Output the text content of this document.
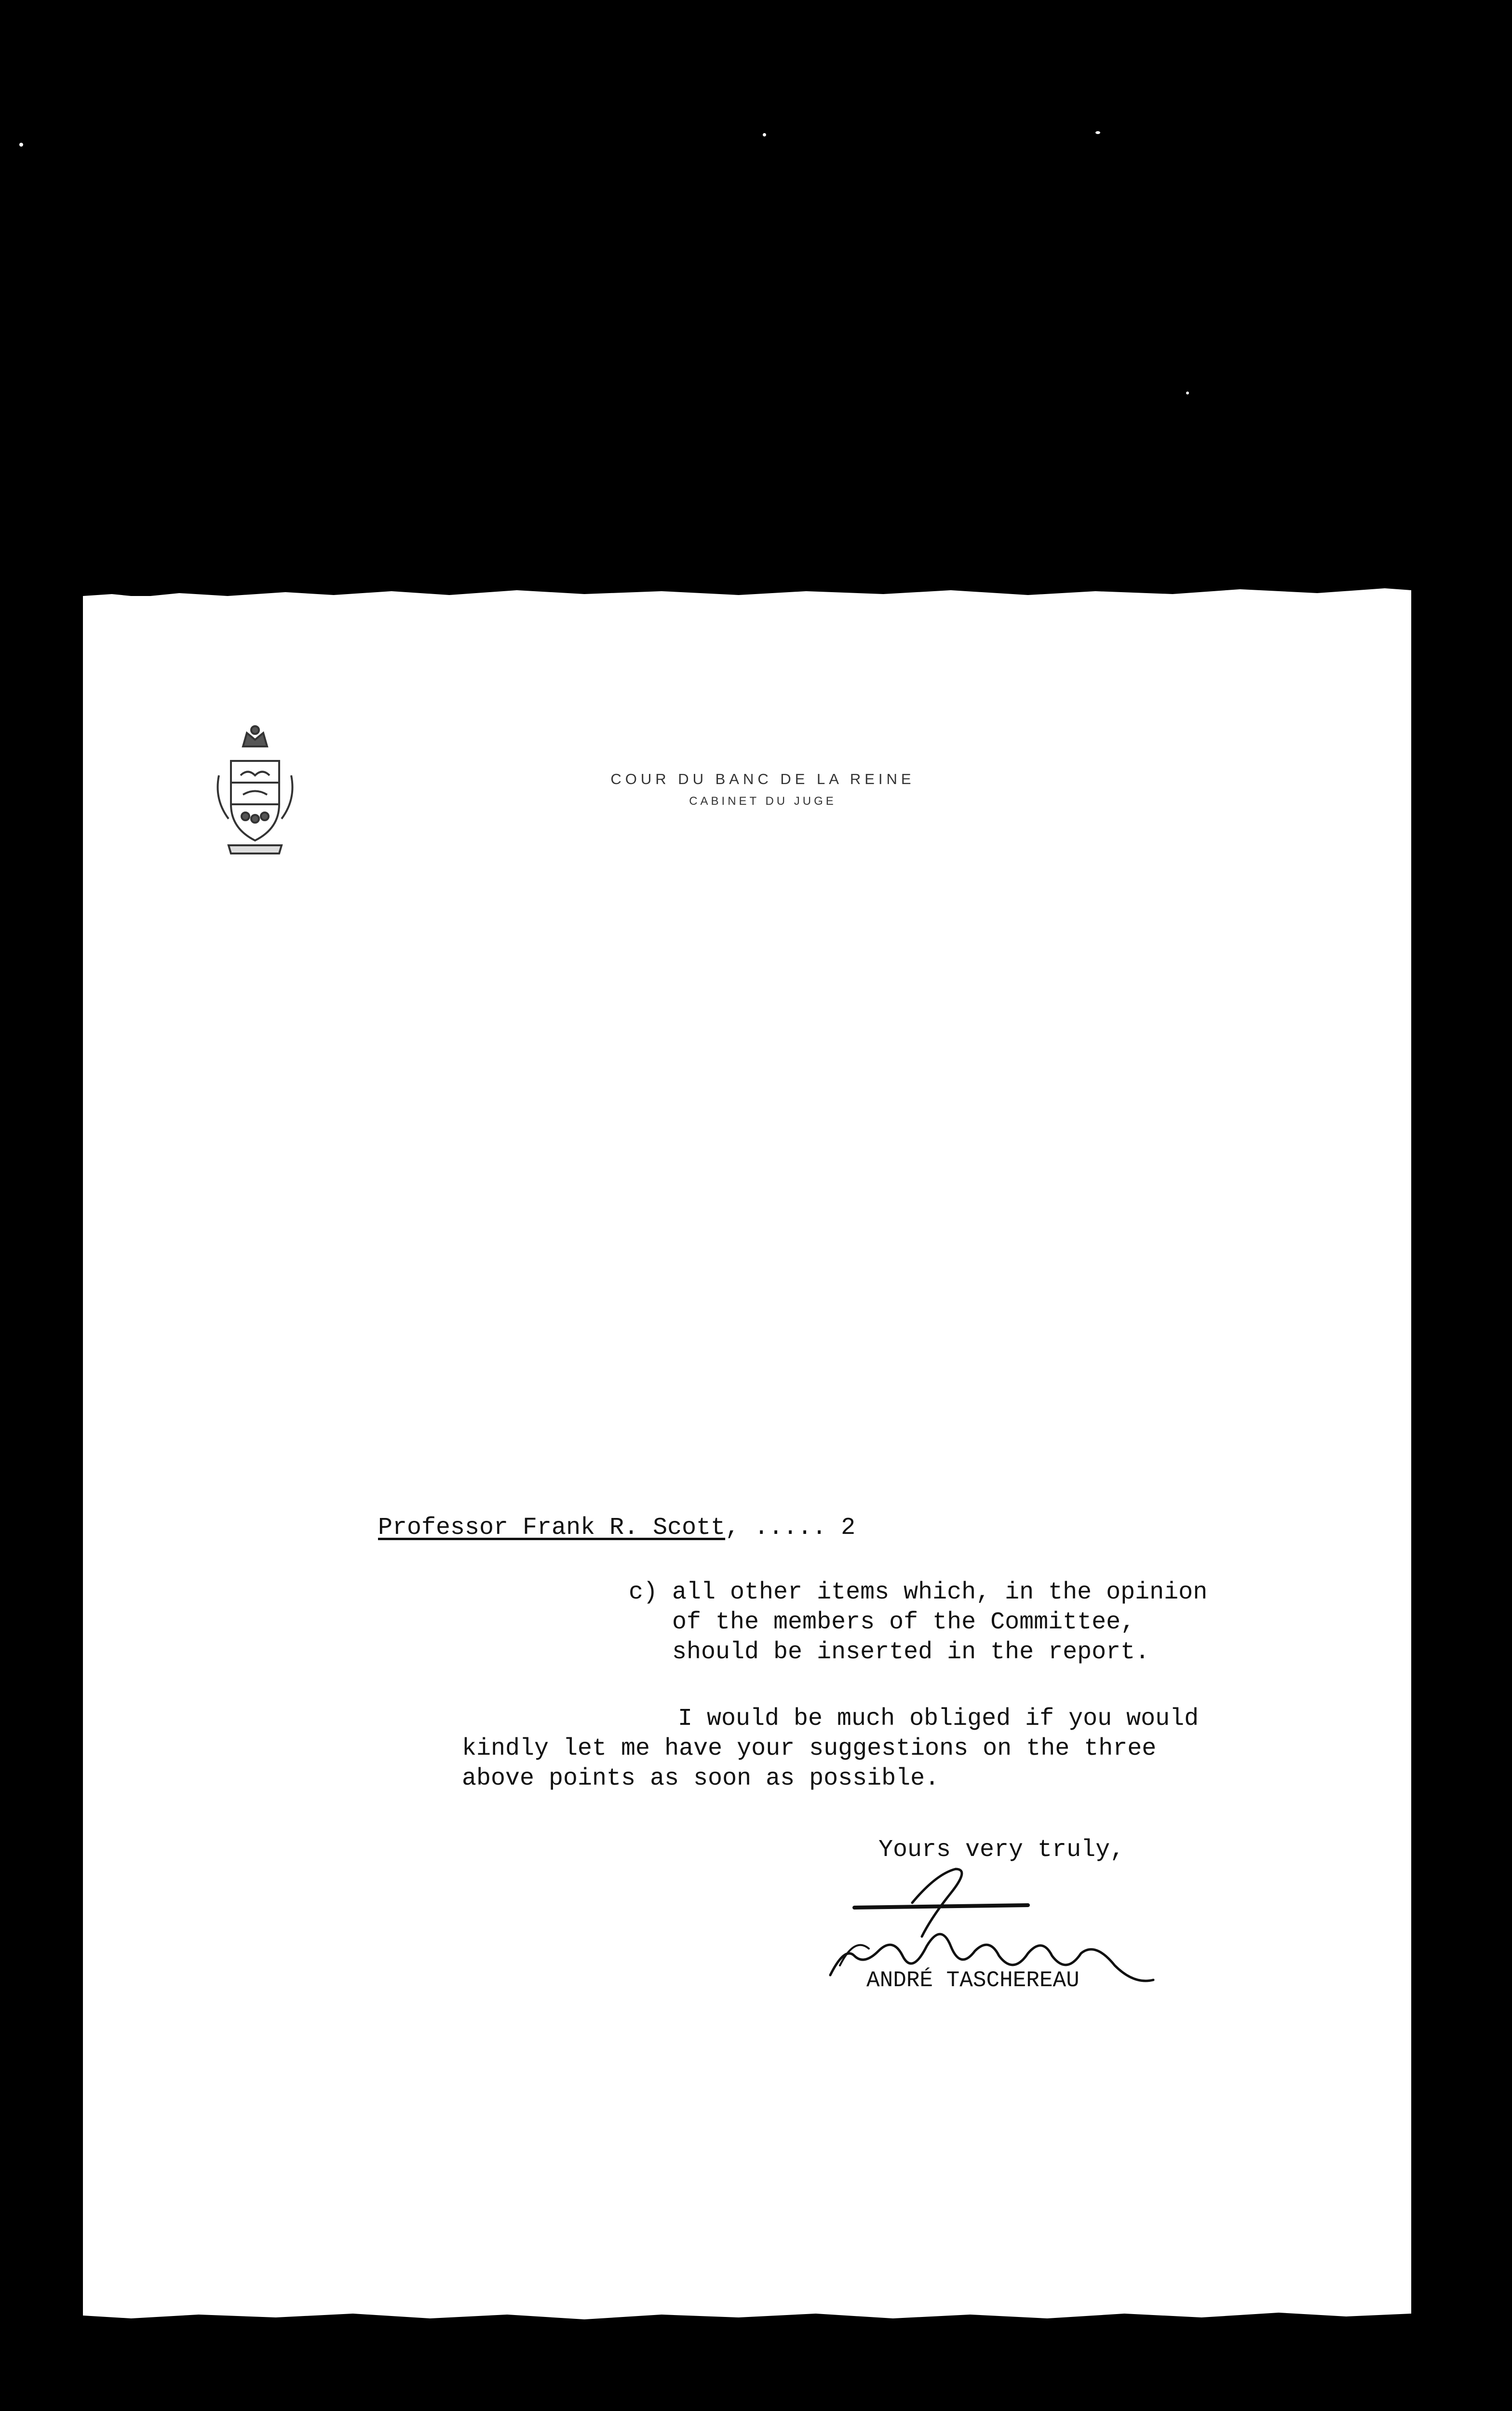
COUR DU BANC DE LA REINE
CABINET DU JUGE
Professor Frank R. Scott, ..... 2
c) all other items which, in the opinion
of the members of the Committee,
should be inserted in the report.
I would be much obliged if you would
kindly let me have your suggestions on the three
above points as soon as possible.
Yours very truly,
ANDRÉ TASCHEREAU
